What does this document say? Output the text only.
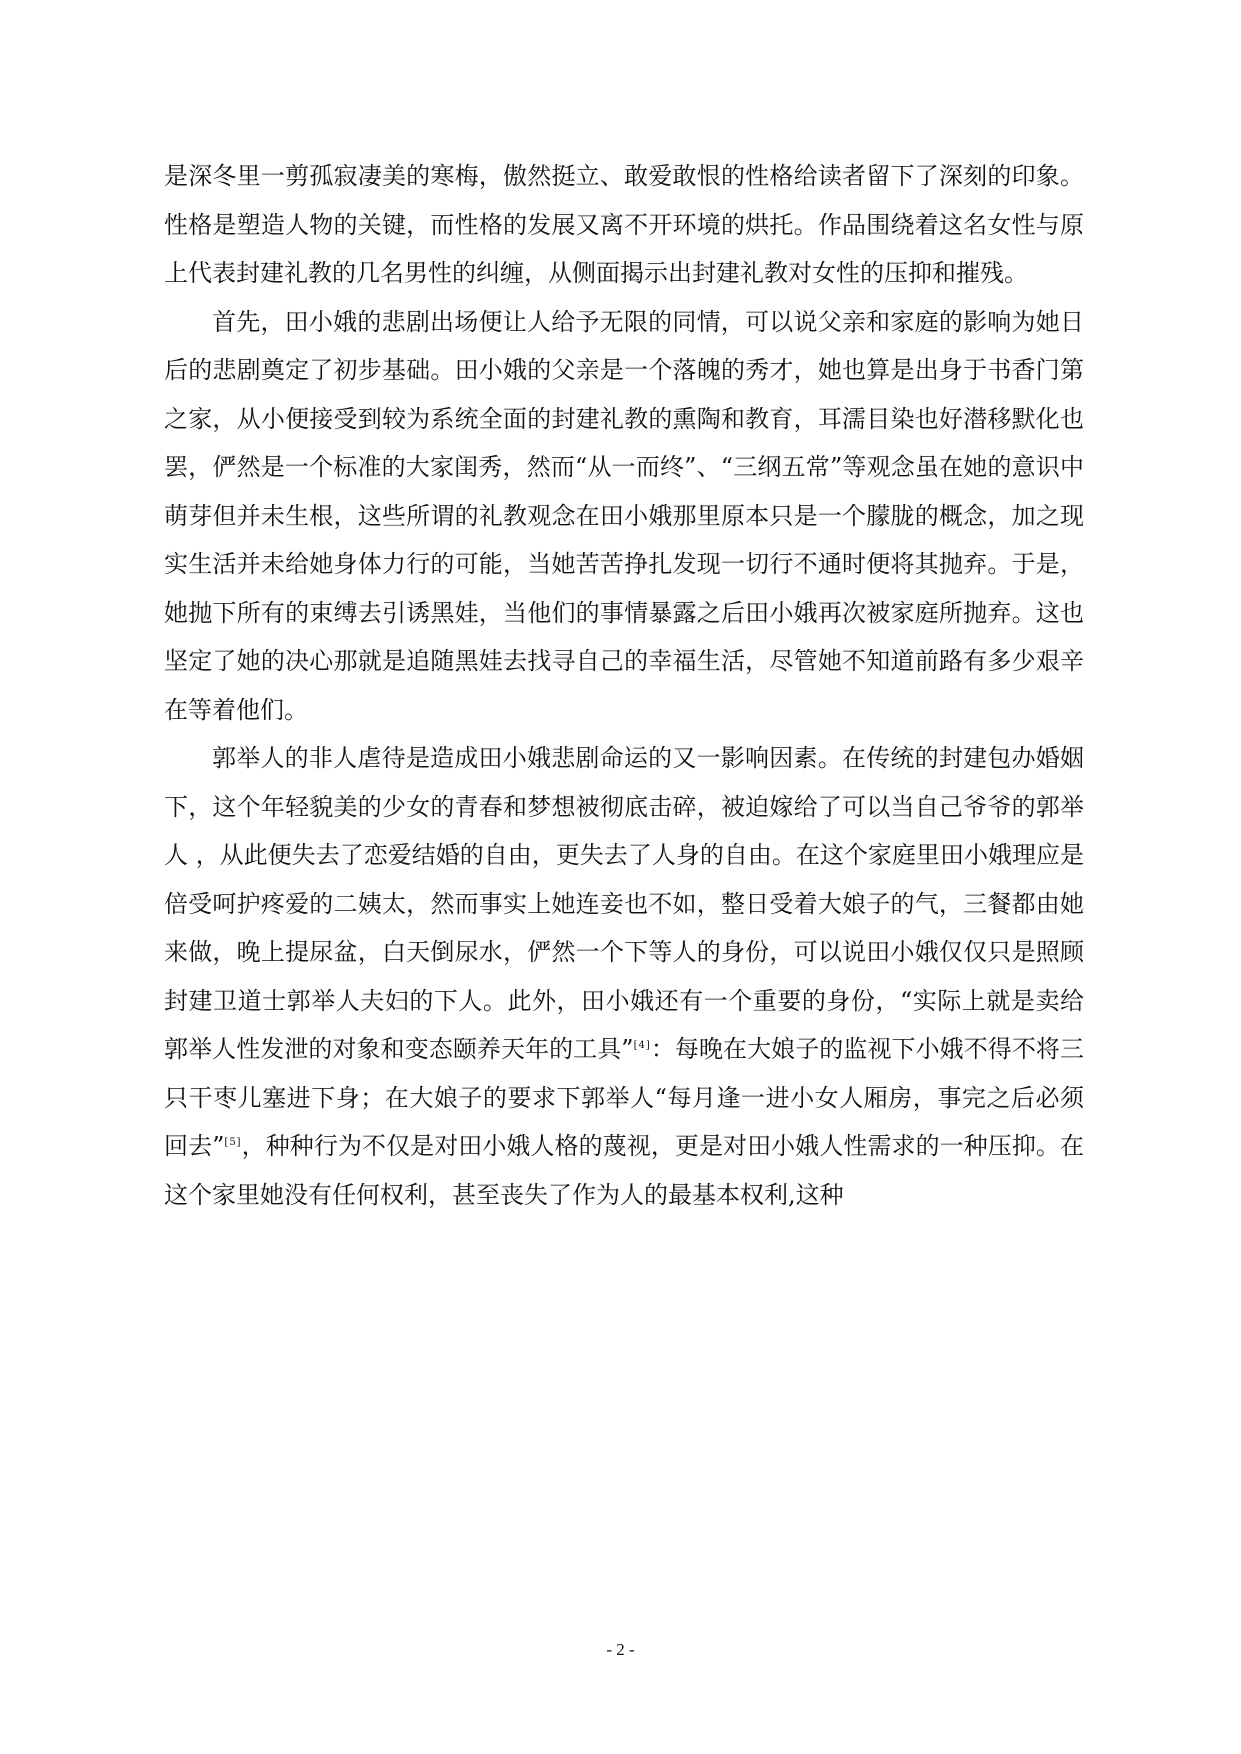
是深冬里一剪孤寂凄美的寒梅，傲然挺立、敢爱敢恨的性格给读者留下了深刻的印象。性格是塑造人物的关键，而性格的发展又离不开环境的烘托。作品围绕着这名女性与原上代表封建礼教的几名男性的纠缠，从侧面揭示出封建礼教对女性的压抑和摧残。

首先，田小娥的悲剧出场便让人给予无限的同情，可以说父亲和家庭的影响为她日后的悲剧奠定了初步基础。田小娥的父亲是一个落魄的秀才，她也算是出身于书香门第之家，从小便接受到较为系统全面的封建礼教的熏陶和教育，耳濡目染也好潜移默化也罢，俨然是一个标准的大家闺秀，然而“从一而终”、“三纲五常”等观念虽在她的意识中萌芽但并未生根，这些所谓的礼教观念在田小娥那里原本只是一个朦胧的概念，加之现实生活并未给她身体力行的可能，当她苦苦挣扎发现一切行不通时便将其抛弃。于是，她抛下所有的束缚去引诱黑娃，当他们的事情暴露之后田小娥再次被家庭所抛弃。这也坚定了她的决心那就是追随黑娃去找寻自己的幸福生活，尽管她不知道前路有多少艰辛在等着他们。

郭举人的非人虐待是造成田小娥悲剧命运的又一影响因素。在传统的封建包办婚姻下，这个年轻貌美的少女的青春和梦想被彻底击碎，被迫嫁给了可以当自己爷爷的郭举人 ，从此便失去了恋爱结婚的自由，更失去了人身的自由。在这个家庭里田小娥理应是倍受呵护疼爱的二姨太，然而事实上她连妾也不如，整日受着大娘子的气，三餐都由她来做，晚上提尿盆，白天倒尿水，俨然一个下等人的身份，可以说田小娥仅仅只是照顾封建卫道士郭举人夫妇的下人。此外，田小娥还有一个重要的身份，“实际上就是卖给郭举人性发泄的对象和变态颐养天年的工具”[4]：每晚在大娘子的监视下小娥不得不将三只干枣儿塞进下身；在大娘子的要求下郭举人“每月逢一进小女人厢房，事完之后必须回去”[5]，种种行为不仅是对田小娥人格的蔑视，更是对田小娥人性需求的一种压抑。在这个家里她没有任何权利，甚至丧失了作为人的最基本权利,这种

- 2 -
